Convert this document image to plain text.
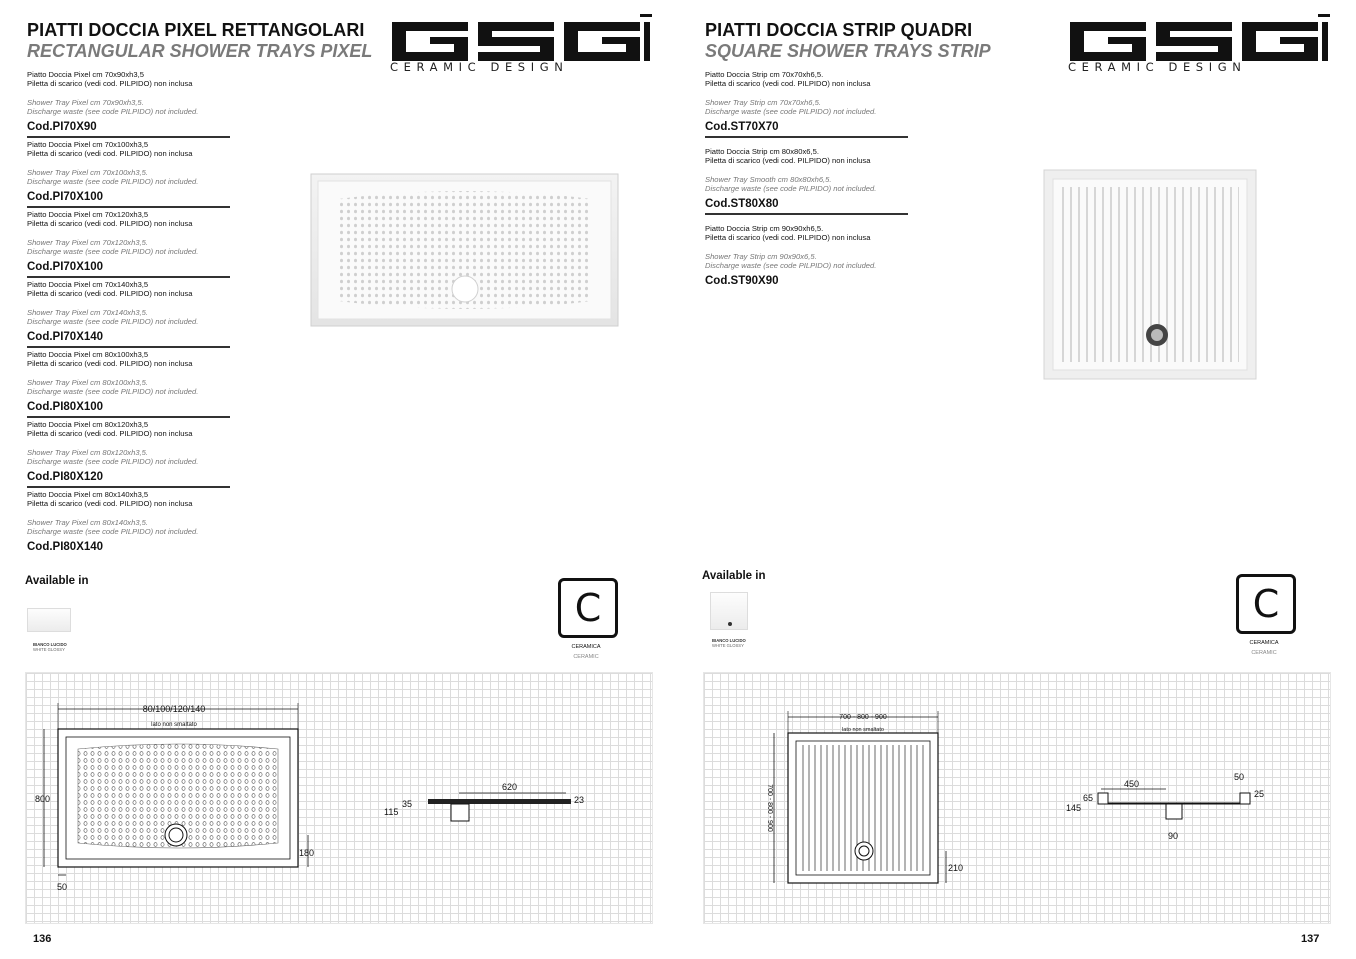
PIATTI DOCCIA PIXEL RETTANGOLARI
RECTANGULAR SHOWER TRAYS PIXEL
CERAMIC DESIGN
Piatto Doccia Pixel cm 70x90xh3,5
Piletta di scarico (vedi cod. PILPIDO) non inclusa
Shower Tray Pixel cm 70x90xh3,5.
Discharge waste (see code PILPIDO) not included.
Cod.PI70X90
Piatto Doccia Pixel cm 70x100xh3,5
Piletta di scarico (vedi cod. PILPIDO) non inclusa
Shower Tray Pixel cm 70x100xh3,5.
Discharge waste (see code PILPIDO) not included.
Cod.PI70X100
Piatto Doccia Pixel cm 70x120xh3,5
Piletta di scarico (vedi cod. PILPIDO) non inclusa
Shower Tray Pixel cm 70x120xh3,5.
Discharge waste (see code PILPIDO) not included.
Cod.PI70X100
Piatto Doccia Pixel cm 70x140xh3,5
Piletta di scarico (vedi cod. PILPIDO) non inclusa
Shower Tray Pixel cm 70x140xh3,5.
Discharge waste (see code PILPIDO) not included.
Cod.PI70X140
Piatto Doccia Pixel cm 80x100xh3,5
Piletta di scarico (vedi cod. PILPIDO) non inclusa
Shower Tray Pixel cm 80x100xh3,5.
Discharge waste (see code PILPIDO) not included.
Cod.PI80X100
Piatto Doccia Pixel cm 80x120xh3,5
Piletta di scarico (vedi cod. PILPIDO) non inclusa
Shower Tray Pixel cm 80x120xh3,5.
Discharge waste (see code PILPIDO) not included.
Cod.PI80X120
Piatto Doccia Pixel cm 80x140xh3,5
Piletta di scarico (vedi cod. PILPIDO) non inclusa
Shower Tray Pixel cm 80x140xh3,5.
Discharge waste (see code PILPIDO) not included.
Cod.PI80X140
Available in
BIANCO LUCIDO
WHITE GLOSSY
C
CERAMICA
CERAMIC
80/100/120/140
lato non smaltato
800
50
180
620
35
115
23
136
PIATTI DOCCIA STRIP QUADRI
SQUARE SHOWER TRAYS STRIP
CERAMIC DESIGN
Piatto Doccia Strip cm 70x70xh6,5.
Piletta di scarico (vedi cod. PILPIDO) non inclusa
Shower Tray Strip cm 70x70xh6,5.
Discharge waste (see code PILPIDO) not included.
Cod.ST70X70
Piatto Doccia Strip cm 80x80x6,5.
Piletta di scarico (vedi cod. PILPIDO) non inclusa
Shower Tray Smooth cm 80x80xh6,5.
Discharge waste (see code PILPIDO) not included.
Cod.ST80X80
Piatto Doccia Strip cm 90x90xh6,5.
Piletta di scarico (vedi cod. PILPIDO) non inclusa
Shower Tray Strip cm 90x90x6,5.
Discharge waste (see code PILPIDO) not included.
Cod.ST90X90
Available in
BIANCO LUCIDO
WHITE GLOSSY
C
CERAMICA
CERAMIC
700 - 800 - 900
lato non smaltato
700 - 800 - 900
210
450
50
25
65
145
90
137
